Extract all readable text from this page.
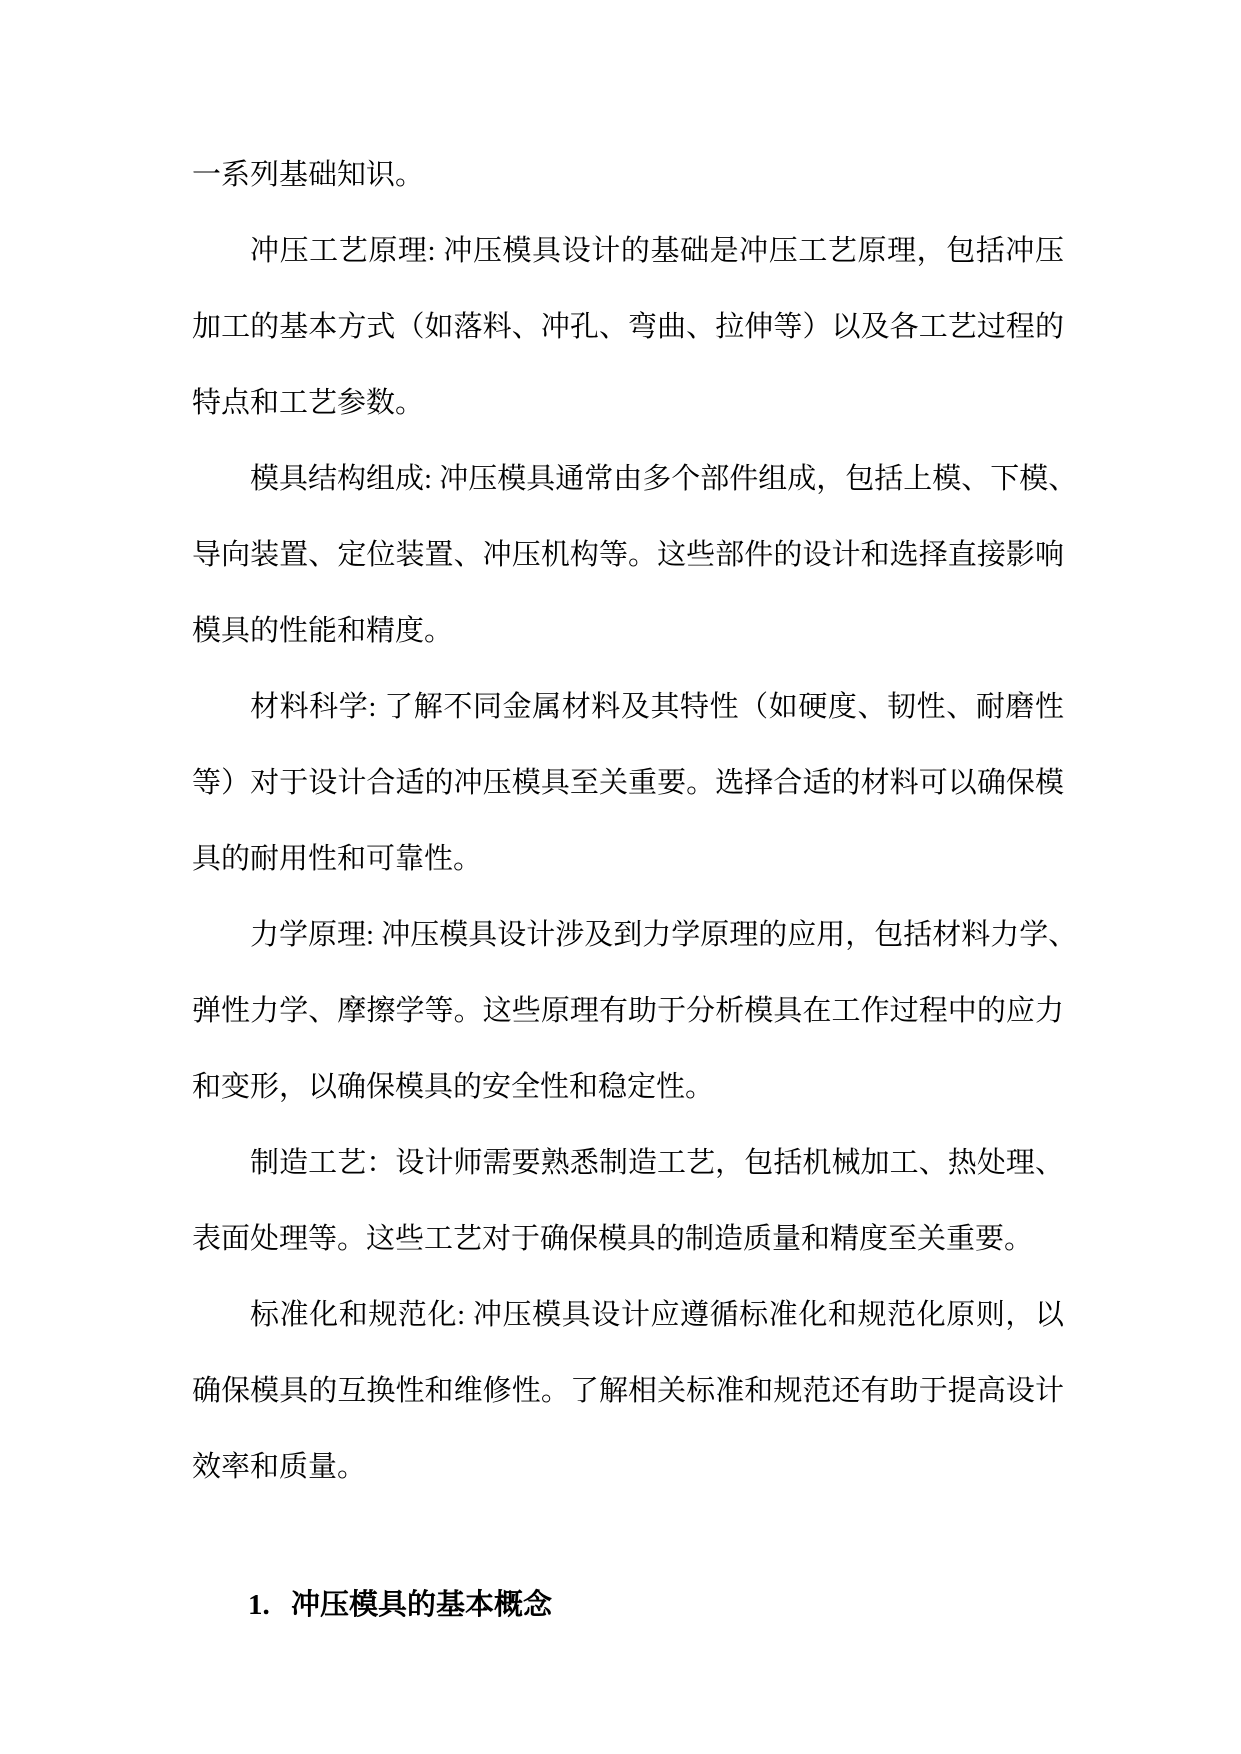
一系列基础知识。
冲压工艺原理: 冲压模具设计的基础是冲压工艺原理，包括冲压
加工的基本方式（如落料、冲孔、弯曲、拉伸等）以及各工艺过程的
特点和工艺参数。
模具结构组成: 冲压模具通常由多个部件组成，包括上模、下模、
导向装置、定位装置、冲压机构等。这些部件的设计和选择直接影响
模具的性能和精度。
材料科学: 了解不同金属材料及其特性（如硬度、韧性、耐磨性
等）对于设计合适的冲压模具至关重要。选择合适的材料可以确保模
具的耐用性和可靠性。
力学原理: 冲压模具设计涉及到力学原理的应用，包括材料力学、
弹性力学、摩擦学等。这些原理有助于分析模具在工作过程中的应力
和变形，以确保模具的安全性和稳定性。
制造工艺：设计师需要熟悉制造工艺，包括机械加工、热处理、
表面处理等。这些工艺对于确保模具的制造质量和精度至关重要。
标准化和规范化: 冲压模具设计应遵循标准化和规范化原则，以
确保模具的互换性和维修性。了解相关标准和规范还有助于提高设计
效率和质量。
1. 冲压模具的基本概念
